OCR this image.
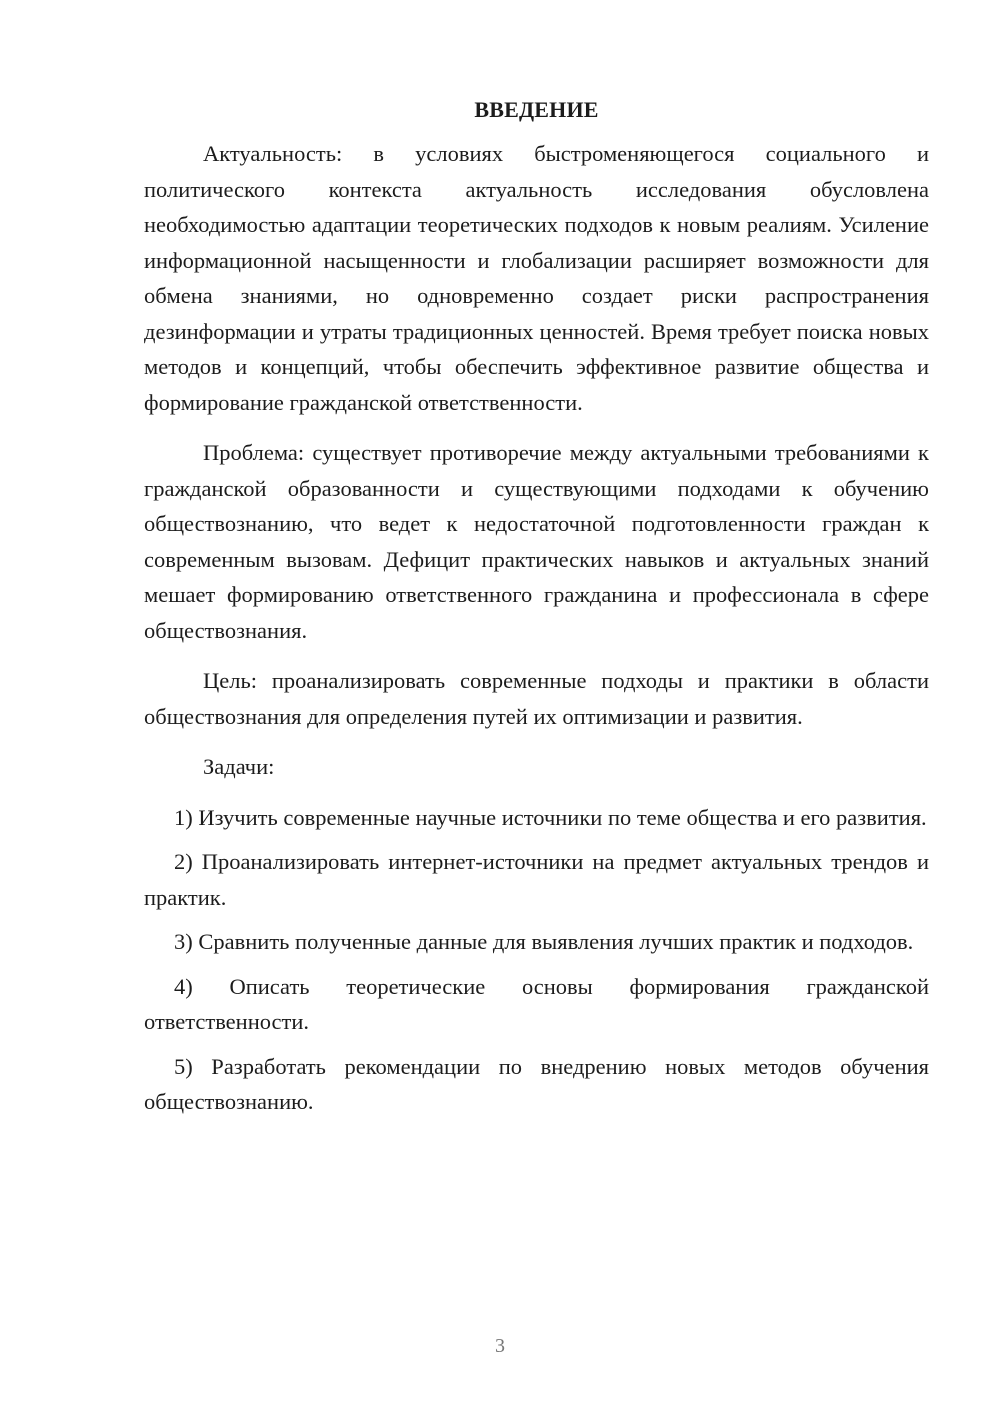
ВВЕДЕНИЕ

Актуальность: в условиях быстроменяющегося социального и политического контекста актуальность исследования обусловлена необходимостью адаптации теоретических подходов к новым реалиям. Усиление информационной насыщенности и глобализации расширяет возможности для обмена знаниями, но одновременно создает риски распространения дезинформации и утраты традиционных ценностей. Время требует поиска новых методов и концепций, чтобы обеспечить эффективное развитие общества и формирование гражданской ответственности.

Проблема: существует противоречие между актуальными требованиями к гражданской образованности и существующими подходами к обучению обществознанию, что ведет к недостаточной подготовленности граждан к современным вызовам. Дефицит практических навыков и актуальных знаний мешает формированию ответственного гражданина и профессионала в сфере обществознания.

Цель: проанализировать современные подходы и практики в области обществознания для определения путей их оптимизации и развития.

Задачи:

1) Изучить современные научные источники по теме общества и его развития.

2) Проанализировать интернет-источники на предмет актуальных трендов и практик.

3) Сравнить полученные данные для выявления лучших практик и подходов.

4) Описать теоретические основы формирования гражданской ответственности.

5) Разработать рекомендации по внедрению новых методов обучения обществознанию.

3
